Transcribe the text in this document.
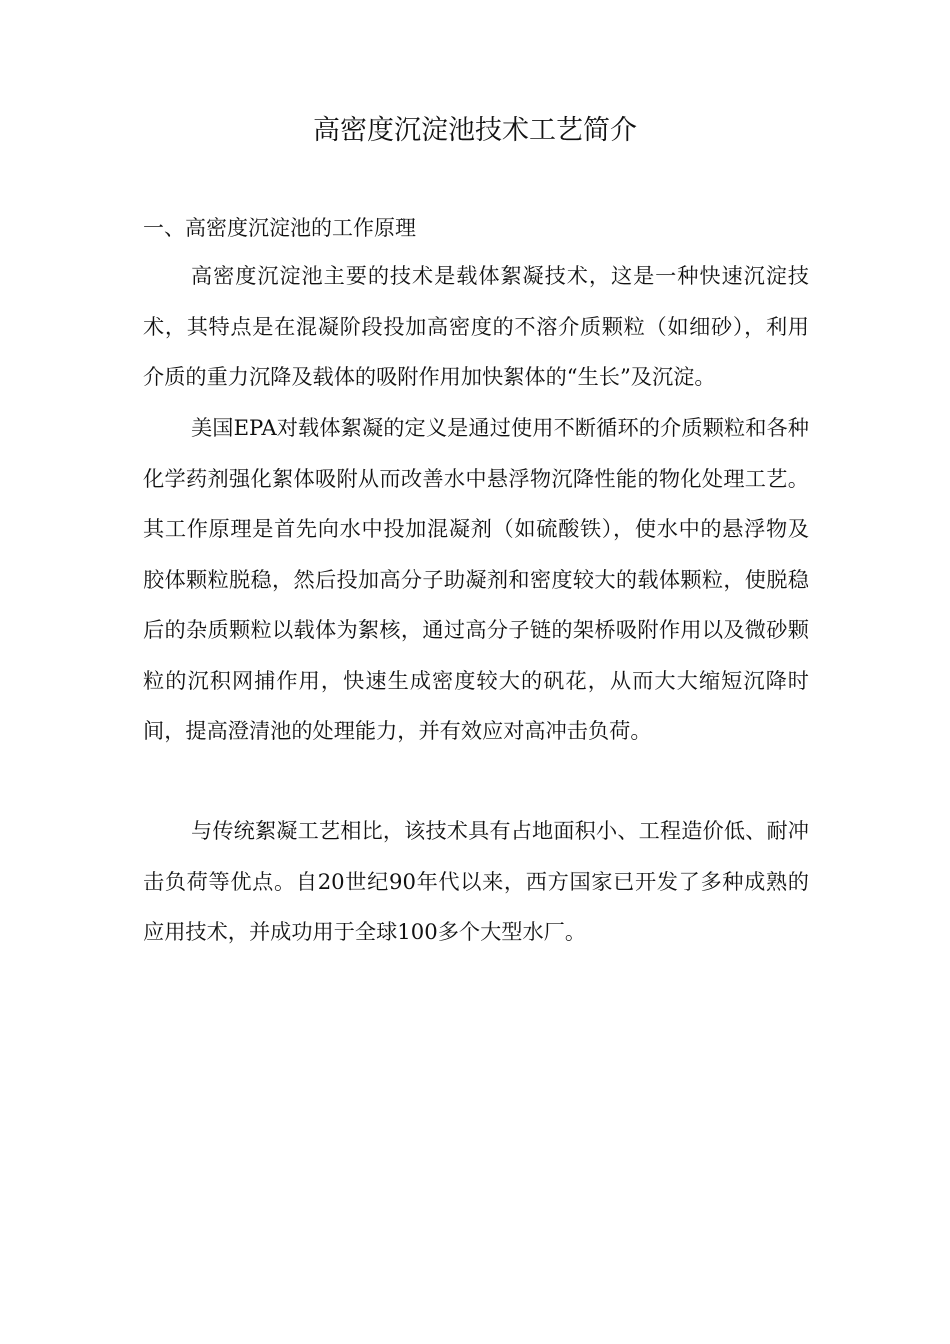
高密度沉淀池技术工艺简介
一、高密度沉淀池的工作原理

高密度沉淀池主要的技术是载体絮凝技术，这是一种快速沉淀技术，其特点是在混凝阶段投加高密度的不溶介质颗粒（如细砂），利用介质的重力沉降及载体的吸附作用加快絮体的“生长”及沉淀。

美国EPA对载体絮凝的定义是通过使用不断循环的介质颗粒和各种化学药剂强化絮体吸附从而改善水中悬浮物沉降性能的物化处理工艺。其工作原理是首先向水中投加混凝剂（如硫酸铁），使水中的悬浮物及胶体颗粒脱稳，然后投加高分子助凝剂和密度较大的载体颗粒，使脱稳后的杂质颗粒以载体为絮核，通过高分子链的架桥吸附作用以及微砂颗粒的沉积网捕作用，快速生成密度较大的矾花，从而大大缩短沉降时间，提高澄清池的处理能力，并有效应对高冲击负荷。

与传统絮凝工艺相比，该技术具有占地面积小、工程造价低、耐冲击负荷等优点。自20世纪90年代以来，西方国家已开发了多种成熟的应用技术，并成功用于全球100多个大型水厂。
